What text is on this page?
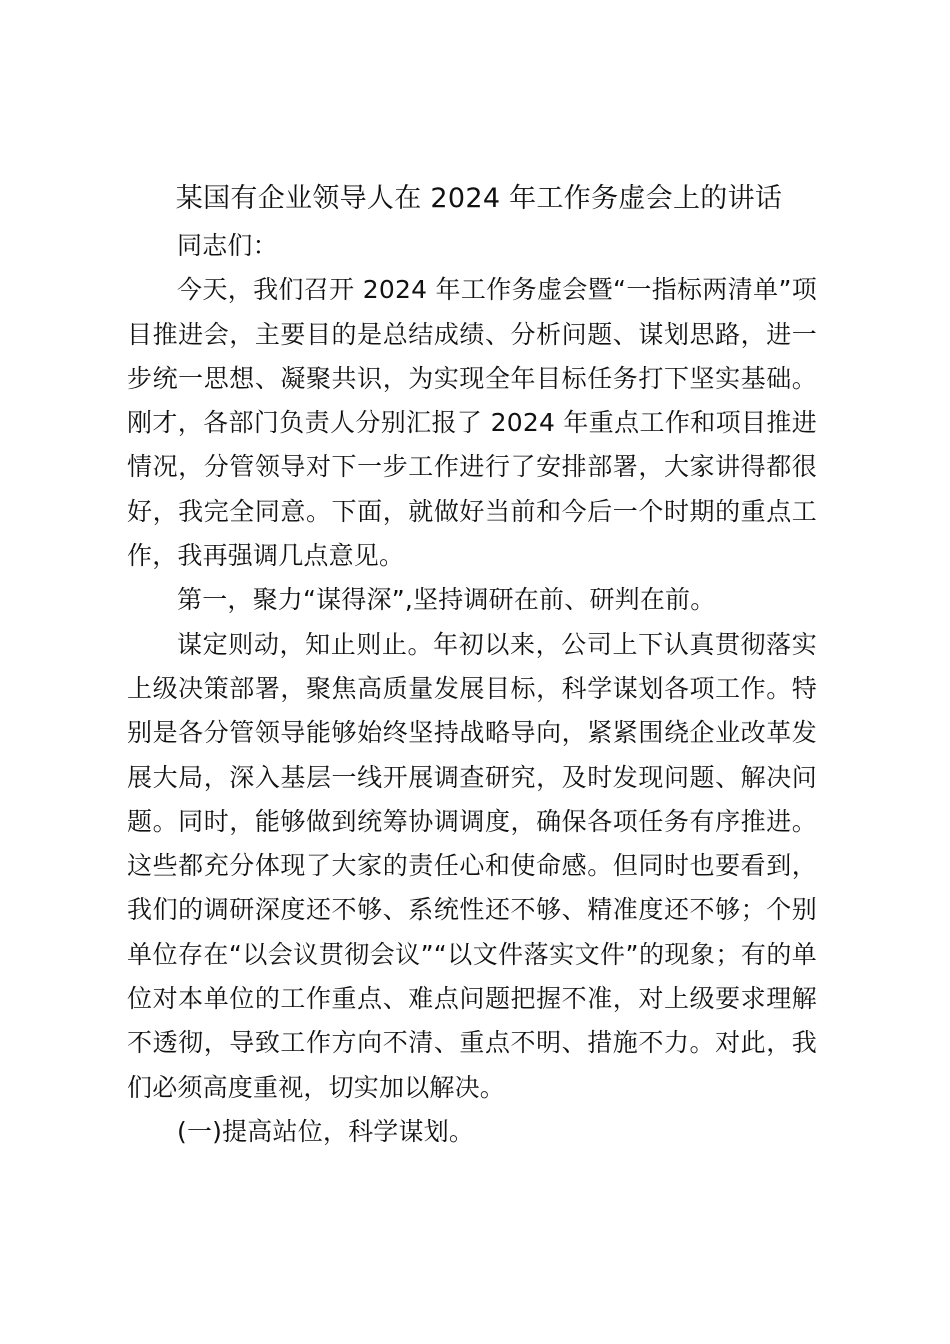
某国有企业领导人在 2024 年工作务虚会上的讲话
同志们：
今天，我们召开 2024 年工作务虚会暨“一指标两清单”项
目推进会，主要目的是总结成绩、分析问题、谋划思路，进一
步统一思想、凝聚共识，为实现全年目标任务打下坚实基础。
刚才，各部门负责人分别汇报了 2024 年重点工作和项目推进
情况，分管领导对下一步工作进行了安排部署，大家讲得都很
好，我完全同意。下面，就做好当前和今后一个时期的重点工
作，我再强调几点意见。
第一，聚力“谋得深”,坚持调研在前、研判在前。
谋定则动，知止则止。年初以来，公司上下认真贯彻落实
上级决策部署，聚焦高质量发展目标，科学谋划各项工作。特
别是各分管领导能够始终坚持战略导向，紧紧围绕企业改革发
展大局，深入基层一线开展调查研究，及时发现问题、解决问
题。同时，能够做到统筹协调调度，确保各项任务有序推进。
这些都充分体现了大家的责任心和使命感。但同时也要看到，
我们的调研深度还不够、系统性还不够、精准度还不够；个别
单位存在“以会议贯彻会议”“以文件落实文件”的现象；有的单
位对本单位的工作重点、难点问题把握不准，对上级要求理解
不透彻，导致工作方向不清、重点不明、措施不力。对此，我
们必须高度重视，切实加以解决。
(一)提高站位，科学谋划。
